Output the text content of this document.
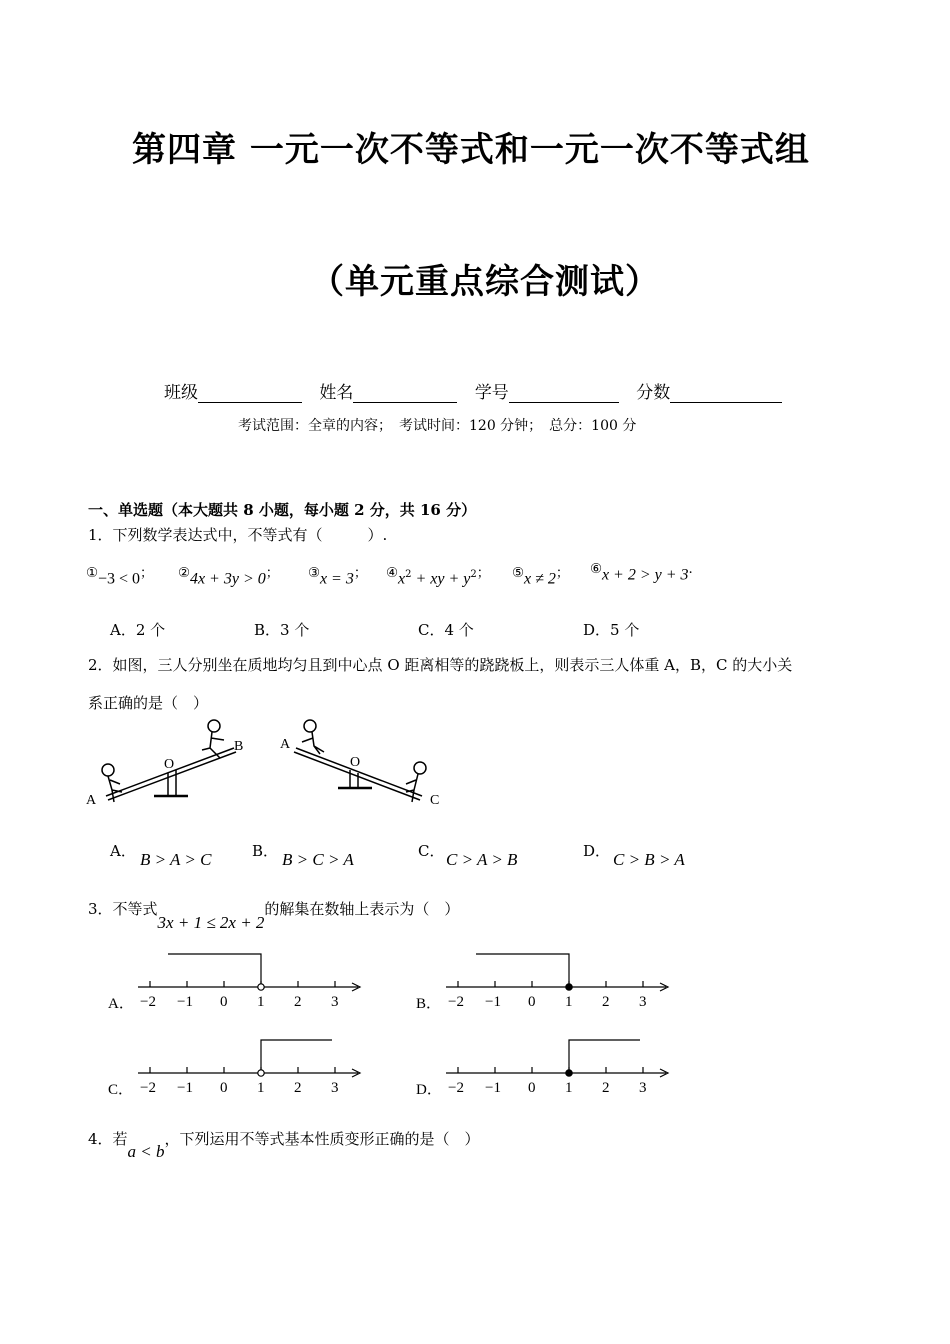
第四章 一元一次不等式和一元一次不等式组
（单元重点综合测试）
班级	姓名	学号	分数
考试范围：全章的内容；　考试时间：120 分钟；　总分：100 分
一、单选题（本大题共 8 小题，每小题 2 分，共 16 分）
1．下列数学表达式中，不等式有（　　　）.
①−3 < 0； ②4x + 3y > 0； ③x = 3； $^④x^2$ + xy + $y^{2;}$ ⑤x ≠ 2； ⑥x + 2 > y + 3.
A．2 个	B．3 个	C．4 个	D．5 个
2．如图，三人分别坐在质地均匀且到中心点 O 距离相等的跷跷板上，则表示三人体重 A，B，C 的大小关
系正确的是（　）
A
O
B	A
O
C
A． B > A > C	B． B > C > A	C． C > A > B	D． C > B > A
3．不等式3x + 1 ≤ 2x + 2的解集在数轴上表示为（　）
A． −2 −1 0 1 2 3	B． −2 −1 0 1 2 3
C． −2 −1 0 1 2 3	D． −2 −1 0 1 2 3
4．若a < b，下列运用不等式基本性质变形正确的是（　）
